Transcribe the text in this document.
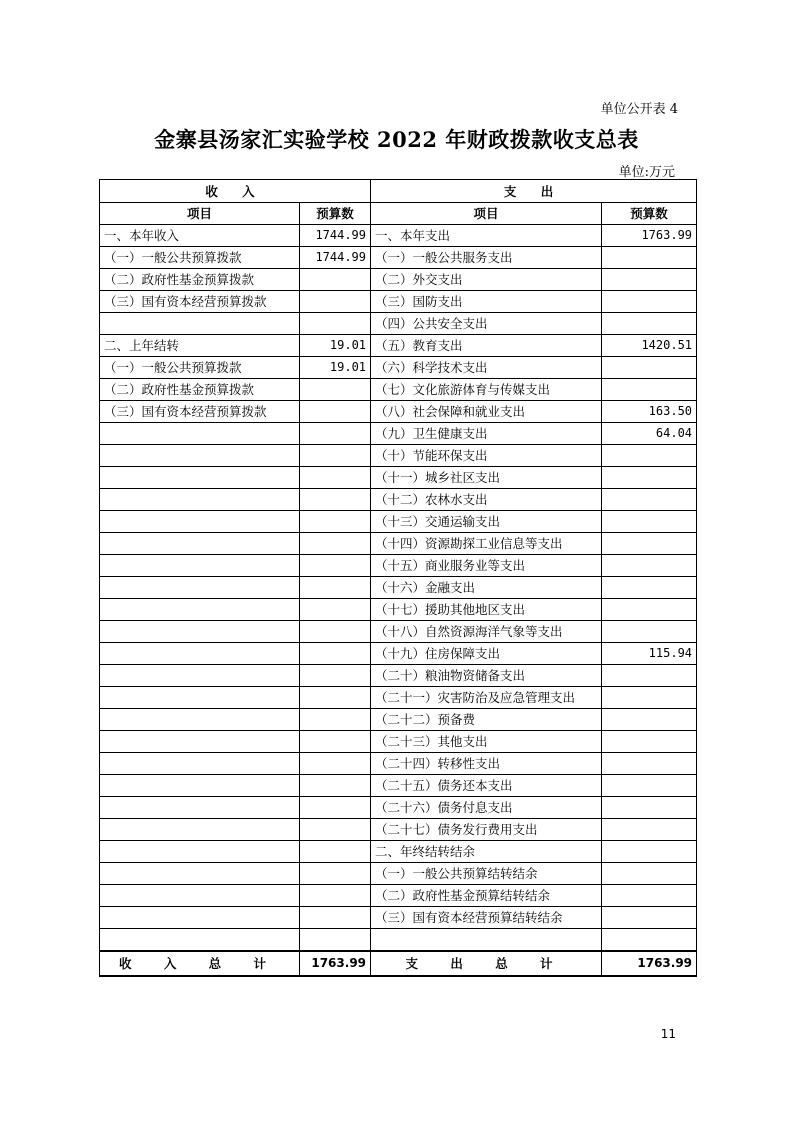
单位公开表 4
金寨县汤家汇实验学校 2022 年财政拨款收支总表
单位:万元
收 入		支 出	
项目	预算数	项目	预算数
一、本年收入	1744.99	一、本年支出	1763.99
（一）一般公共预算拨款	1744.99	（一）一般公共服务支出	
（二）政府性基金预算拨款		（二）外交支出	
（三）国有资本经营预算拨款		（三）国防支出	
		（四）公共安全支出	
二、上年结转	19.01	（五）教育支出	1420.51
（一）一般公共预算拨款	19.01	（六）科学技术支出	
（二）政府性基金预算拨款		（七）文化旅游体育与传媒支出	
（三）国有资本经营预算拨款		（八）社会保障和就业支出	163.50
		（九）卫生健康支出	64.04
		（十）节能环保支出	
		（十一）城乡社区支出	
		（十二）农林水支出	
		（十三）交通运输支出	
		（十四）资源勘探工业信息等支出	
		（十五）商业服务业等支出	
		（十六）金融支出	
		（十七）援助其他地区支出	
		（十八）自然资源海洋气象等支出	
		（十九）住房保障支出	115.94
		（二十）粮油物资储备支出	
		（二十一）灾害防治及应急管理支出	
		（二十二）预备费	
		（二十三）其他支出	
		（二十四）转移性支出	
		（二十五）债务还本支出	
		（二十六）债务付息支出	
		（二十七）债务发行费用支出	
		二、年终结转结余	
		（一）一般公共预算结转结余	
		（二）政府性基金预算结转结余	
		（三）国有资本经营预算结转结余	

收 入 总 计	1763.99	支 出 总 计	1763.99
11
